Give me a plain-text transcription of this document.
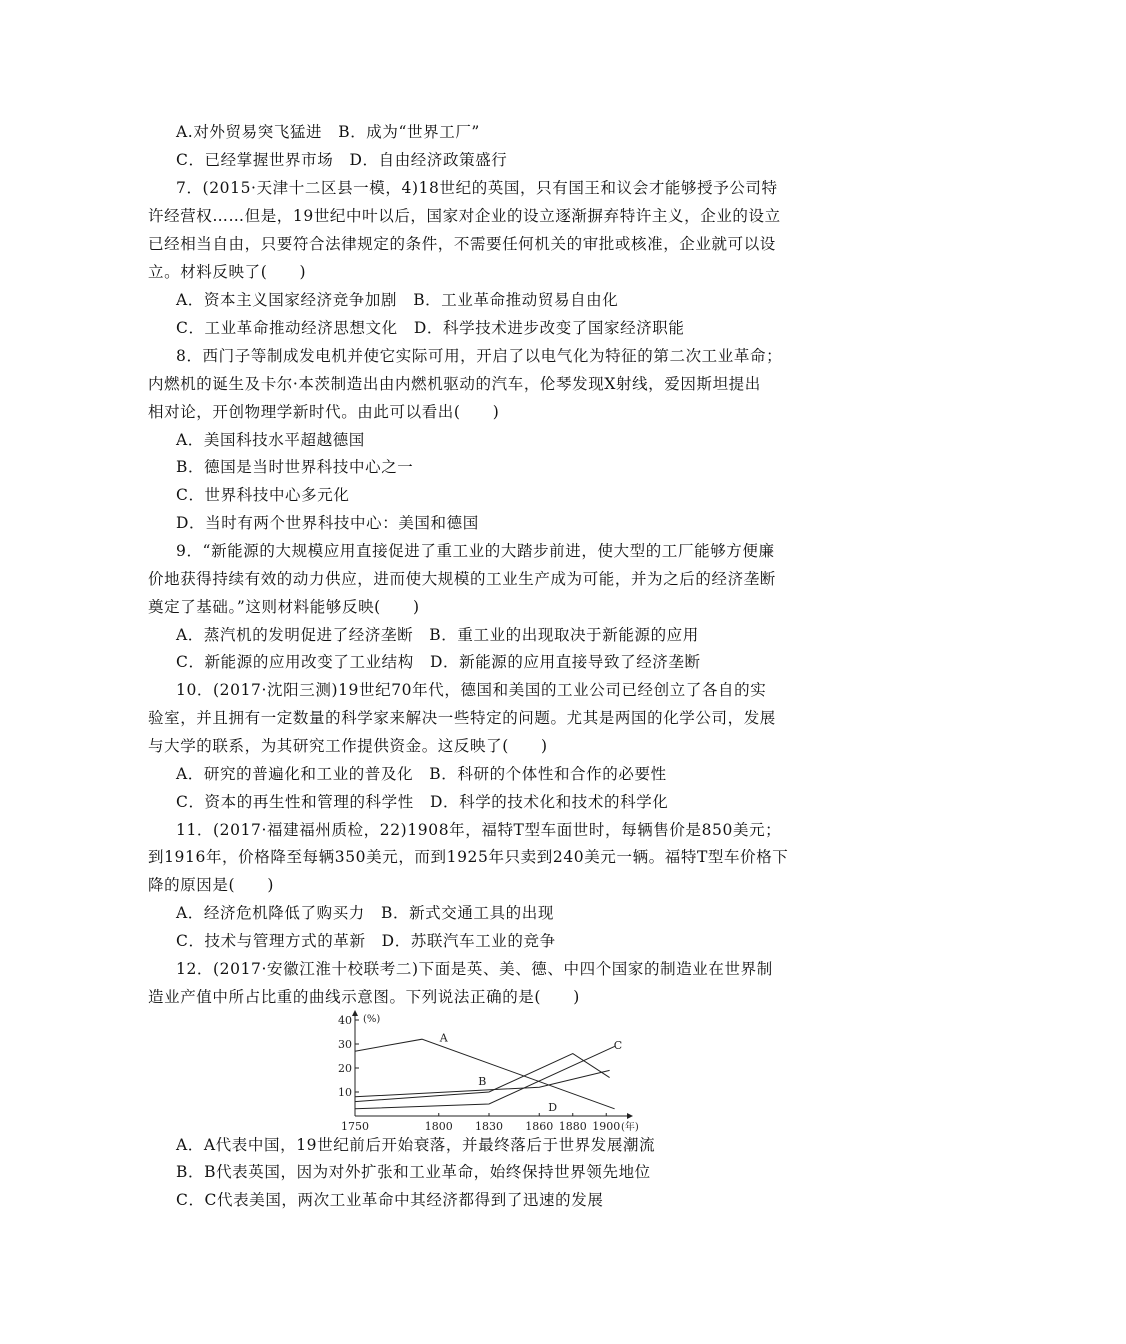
A.对外贸易突飞猛进　B．成为“世界工厂”
C．已经掌握世界市场　D．自由经济政策盛行
7．(2015·天津十二区县一模，4)18世纪的英国，只有国王和议会才能够授予公司特
许经营权……但是，19世纪中叶以后，国家对企业的设立逐渐摒弃特许主义，企业的设立
已经相当自由，只要符合法律规定的条件，不需要任何机关的审批或核准，企业就可以设
立。材料反映了(　　)
A．资本主义国家经济竞争加剧　B．工业革命推动贸易自由化
C．工业革命推动经济思想文化　D．科学技术进步改变了国家经济职能
8．西门子等制成发电机并使它实际可用，开启了以电气化为特征的第二次工业革命；
内燃机的诞生及卡尔·本茨制造出由内燃机驱动的汽车，伦琴发现X射线，爱因斯坦提出
相对论，开创物理学新时代。由此可以看出(　　)
A．美国科技水平超越德国
B．德国是当时世界科技中心之一
C．世界科技中心多元化
D．当时有两个世界科技中心：美国和德国
9．“新能源的大规模应用直接促进了重工业的大踏步前进，使大型的工厂能够方便廉
价地获得持续有效的动力供应，进而使大规模的工业生产成为可能，并为之后的经济垄断
奠定了基础。”这则材料能够反映(　　)
A．蒸汽机的发明促进了经济垄断　B．重工业的出现取决于新能源的应用
C．新能源的应用改变了工业结构　D．新能源的应用直接导致了经济垄断
10．(2017·沈阳三测)19世纪70年代，德国和美国的工业公司已经创立了各自的实
验室，并且拥有一定数量的科学家来解决一些特定的问题。尤其是两国的化学公司，发展
与大学的联系，为其研究工作提供资金。这反映了(　　)
A．研究的普遍化和工业的普及化　B．科研的个体性和合作的必要性
C．资本的再生性和管理的科学性　D．科学的技术化和技术的科学化
11．(2017·福建福州质检，22)1908年，福特T型车面世时，每辆售价是850美元；
到1916年，价格降至每辆350美元，而到1925年只卖到240美元一辆。福特T型车价格下
降的原因是(　　)
A．经济危机降低了购买力　B．新式交通工具的出现
C．技术与管理方式的革新　D．苏联汽车工业的竞争
12．(2017·安徽江淮十校联考二)下面是英、美、德、中四个国家的制造业在世界制
造业产值中所占比重的曲线示意图。下列说法正确的是(　　)
(%)
(年)
10
20
30
40
1750	1800 1830 1860 1880 1900
A
B
C
D
A．A代表中国，19世纪前后开始衰落，并最终落后于世界发展潮流
B．B代表英国，因为对外扩张和工业革命，始终保持世界领先地位
C．C代表美国，两次工业革命中其经济都得到了迅速的发展
